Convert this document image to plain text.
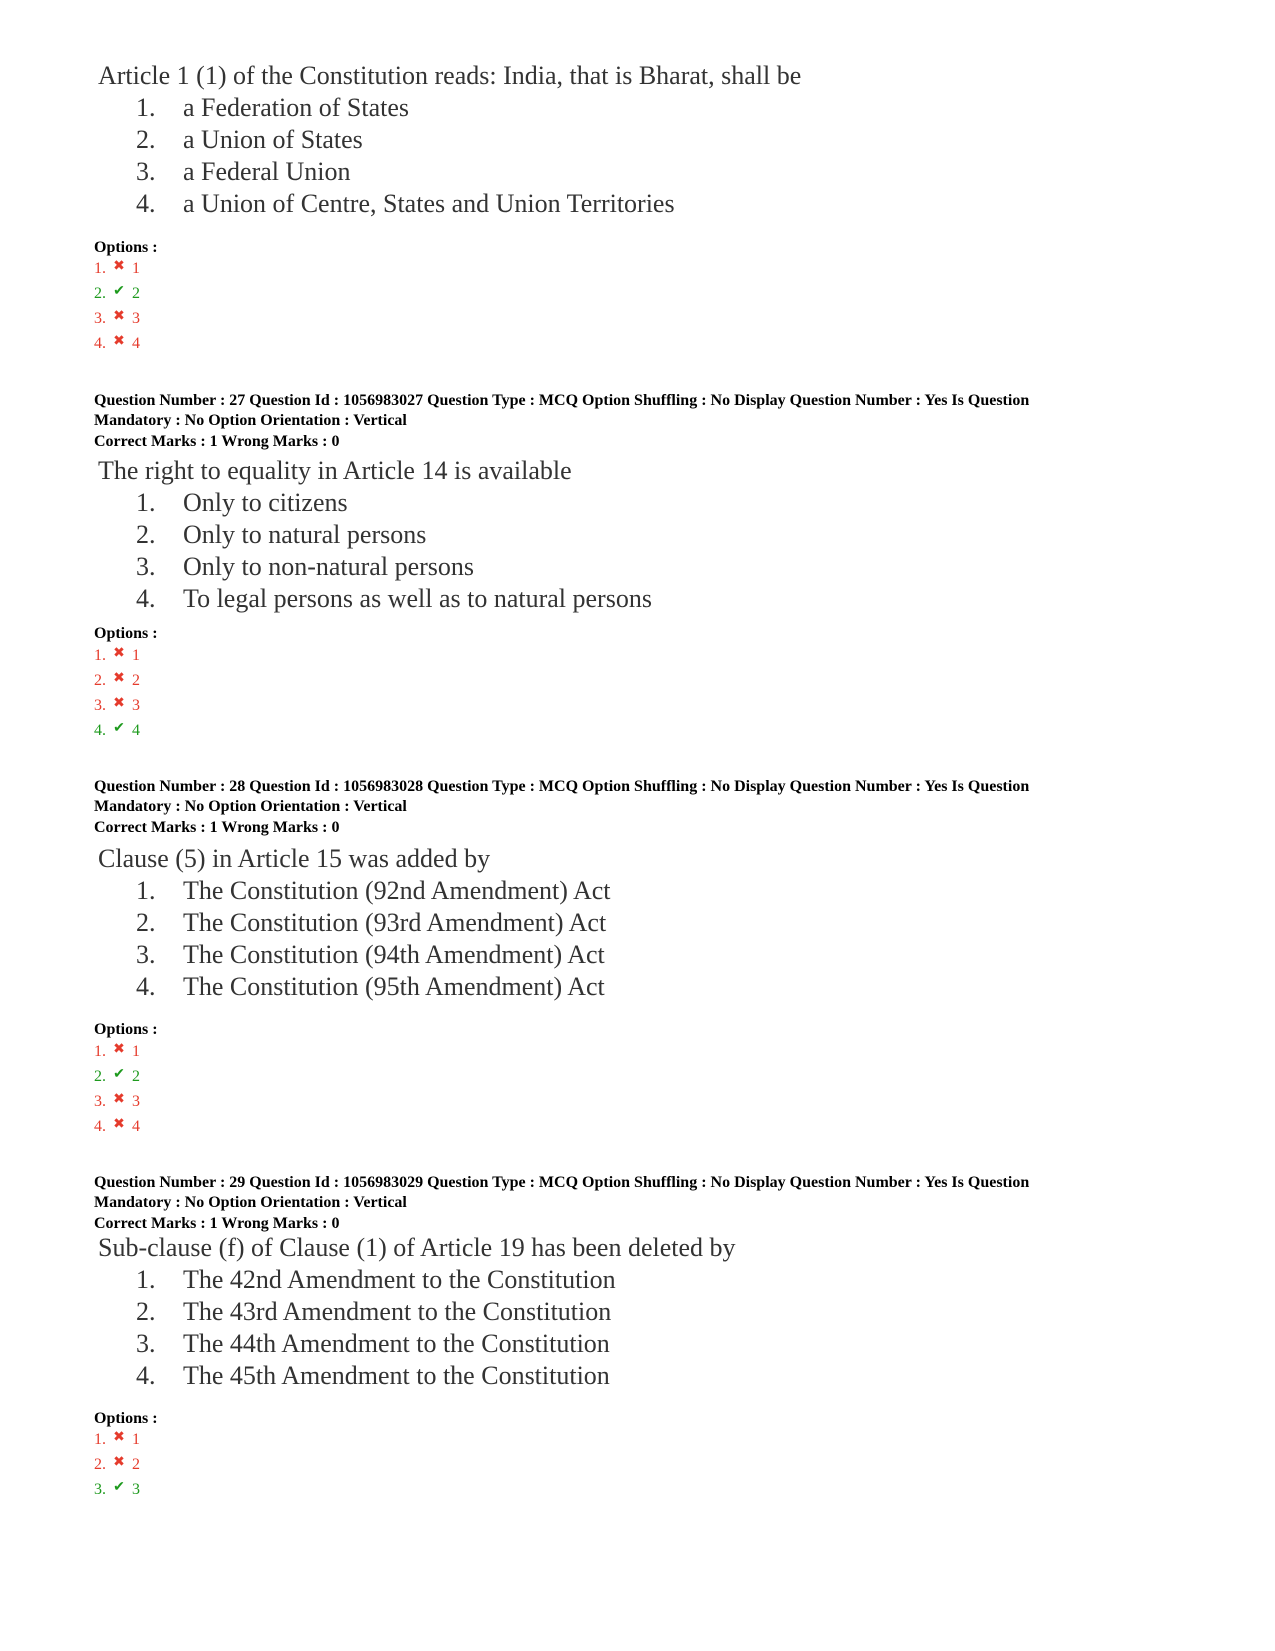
Article 1 (1) of the Constitution reads: India, that is Bharat, shall be

1. a Federation of States
2. a Union of States
3. a Federal Union
4. a Union of Centre, States and Union Territories
Options :
1. ✖ 1
2. ✔ 2
3. ✖ 3
4. ✖ 4
Question Number : 27 Question Id : 1056983027 Question Type : MCQ Option Shuffling : No Display Question Number : Yes Is Question
Mandatory : No Option Orientation : Vertical
Correct Marks : 1 Wrong Marks : 0

The right to equality in Article 14 is available

1. Only to citizens
2. Only to natural persons
3. Only to non-natural persons
4. To legal persons as well as to natural persons
Options :
1. ✖ 1
2. ✖ 2
3. ✖ 3
4. ✔ 4
Question Number : 28 Question Id : 1056983028 Question Type : MCQ Option Shuffling : No Display Question Number : Yes Is Question
Mandatory : No Option Orientation : Vertical
Correct Marks : 1 Wrong Marks : 0

Clause (5) in Article 15 was added by

1. The Constitution (92nd Amendment) Act
2. The Constitution (93rd Amendment) Act
3. The Constitution (94th Amendment) Act
4. The Constitution (95th Amendment) Act
Options :
1. ✖ 1
2. ✔ 2
3. ✖ 3
4. ✖ 4
Question Number : 29 Question Id : 1056983029 Question Type : MCQ Option Shuffling : No Display Question Number : Yes Is Question
Mandatory : No Option Orientation : Vertical
Correct Marks : 1 Wrong Marks : 0

Sub-clause (f) of Clause (1) of Article 19 has been deleted by

1. The 42nd Amendment to the Constitution
2. The 43rd Amendment to the Constitution
3. The 44th Amendment to the Constitution
4. The 45th Amendment to the Constitution
Options :
1. ✖ 1
2. ✖ 2
3. ✔ 3
